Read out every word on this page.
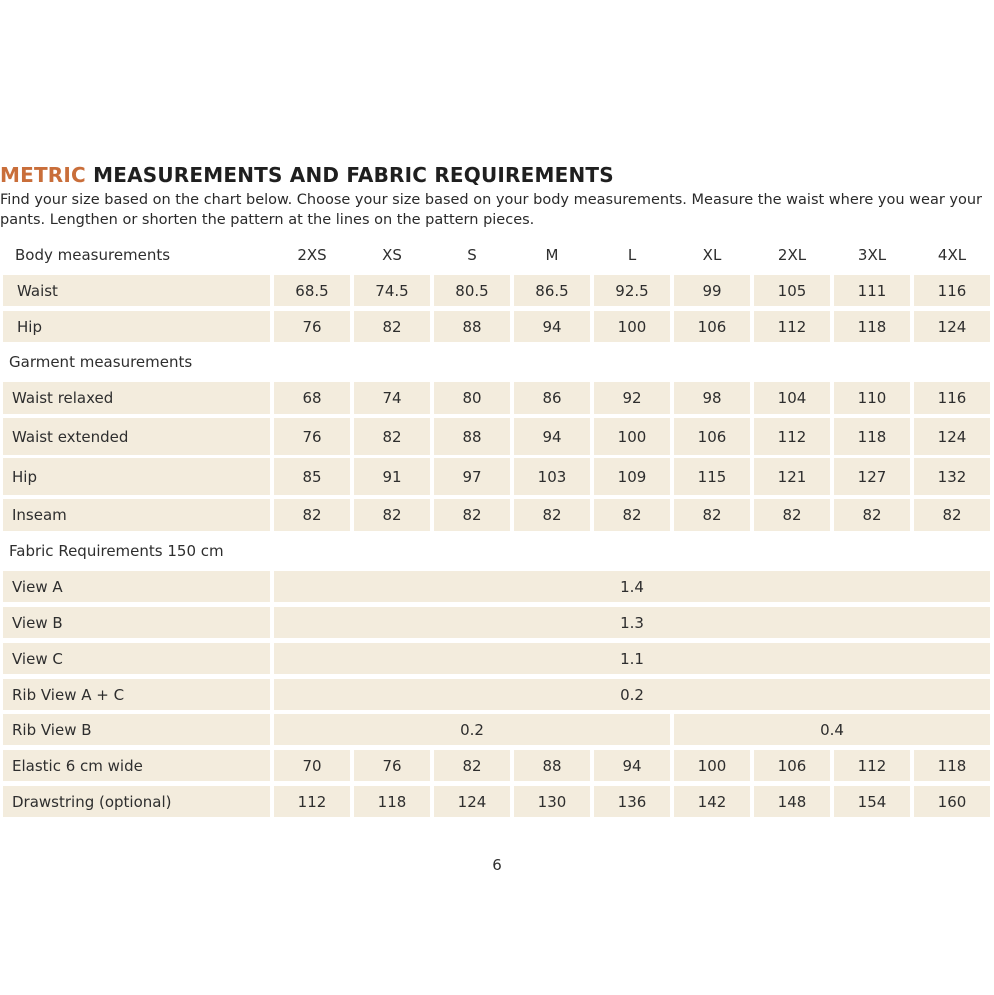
METRIC MEASUREMENTS AND FABRIC REQUIREMENTS

Find your size based on the chart below. Choose your size based on your body measurements. Measure the waist where you wear your

pants. Lengthen or shorten the pattern at the lines on the pattern pieces.

Body measurements	2XS	XS	S	M	L	XL	2XL	3XL	4XL
Waist	68.5	74.5	80.5	86.5	92.5	99	105	111	116
Hip	76	82	88	94	100	106	112	118	124
Garment measurements
Waist relaxed	68	74	80	86	92	98	104	110	116
Waist extended	76	82	88	94	100	106	112	118	124
Hip	85	91	97	103	109	115	121	127	132
Inseam	82	82	82	82	82	82	82	82	82
Fabric Requirements 150 cm
View A	1.4
View B	1.3
View C	1.1
Rib View A + C	0.2
Rib View B	0.2	0.4
Elastic 6 cm wide	70	76	82	88	94	100	106	112	118
Drawstring (optional)	112	118	124	130	136	142	148	154	160
6
